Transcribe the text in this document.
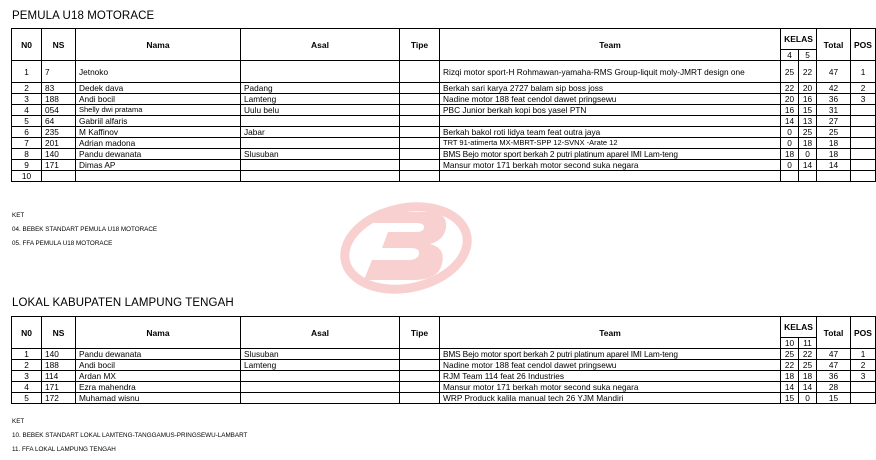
PEMULA U18 MOTORACE
N0	NS	Nama	Asal	Tipe	Team	KELAS		Total	POS
						4	5		
1	7	Jetnoko			Rizqi motor sport-H Rohmawan-yamaha-RMS Group-liquit moly-JMRT design one	25	22	47	1
2	83	Dedek dava	Padang		Berkah sari karya 2727 balam sip boss joss	22	20	42	2
3	188	Andi bocil	Lamteng		Nadine motor 188 feat cendol dawet pringsewu	20	16	36	3
4	054	Shelly dwi pratama	Uulu belu		PBC Junior berkah kopi bos yasel PTN	16	15	31	
5	64	Gabriil alfaris				14	13	27	
6	235	M Kaffinov	Jabar		Berkah bakol roti lidya team feat outra jaya	0	25	25	
7	201	Adrian madona			TRT 91-atimerta MX-MBRT-SPP 12-SVNX -Arate 12	0	18	18	
8	140	Pandu dewanata	Slusuban		BMS Bejo motor sport berkah 2 putri platinum aparel IMI Lam-teng	18	0	18	
9	171	Dimas AP			Mansur motor 171 berkah motor second suka negara	0	14	14	
10									
KET
04. BEBEK STANDART PEMULA U18 MOTORACE
05. FFA PEMULA U18 MOTORACE
LOKAL KABUPATEN LAMPUNG TENGAH
N0	NS	Nama	Asal	Tipe	Team	KELAS		Total	POS
						10	11		
1	140	Pandu dewanata	Slusuban		BMS Bejo motor sport berkah 2 putri platinum aparel IMI Lam-teng	25	22	47	1
2	188	Andi bocil	Lamteng		Nadine motor 188 feat cendol dawet pringsewu	22	25	47	2
3	114	Ardan MX			RJM Team 114 feat 26 Industries	18	18	36	3
4	171	Ezra mahendra			Mansur motor 171 berkah motor second suka negara	14	14	28	
5	172	Muhamad wisnu			WRP Produck kalila manual tech 26 YJM Mandiri	15	0	15	
KET
10. BEBEK STANDART LOKAL LAMTENG-TANGGAMUS-PRINGSEWU-LAMBART
11. FFA LOKAL LAMPUNG TENGAH
